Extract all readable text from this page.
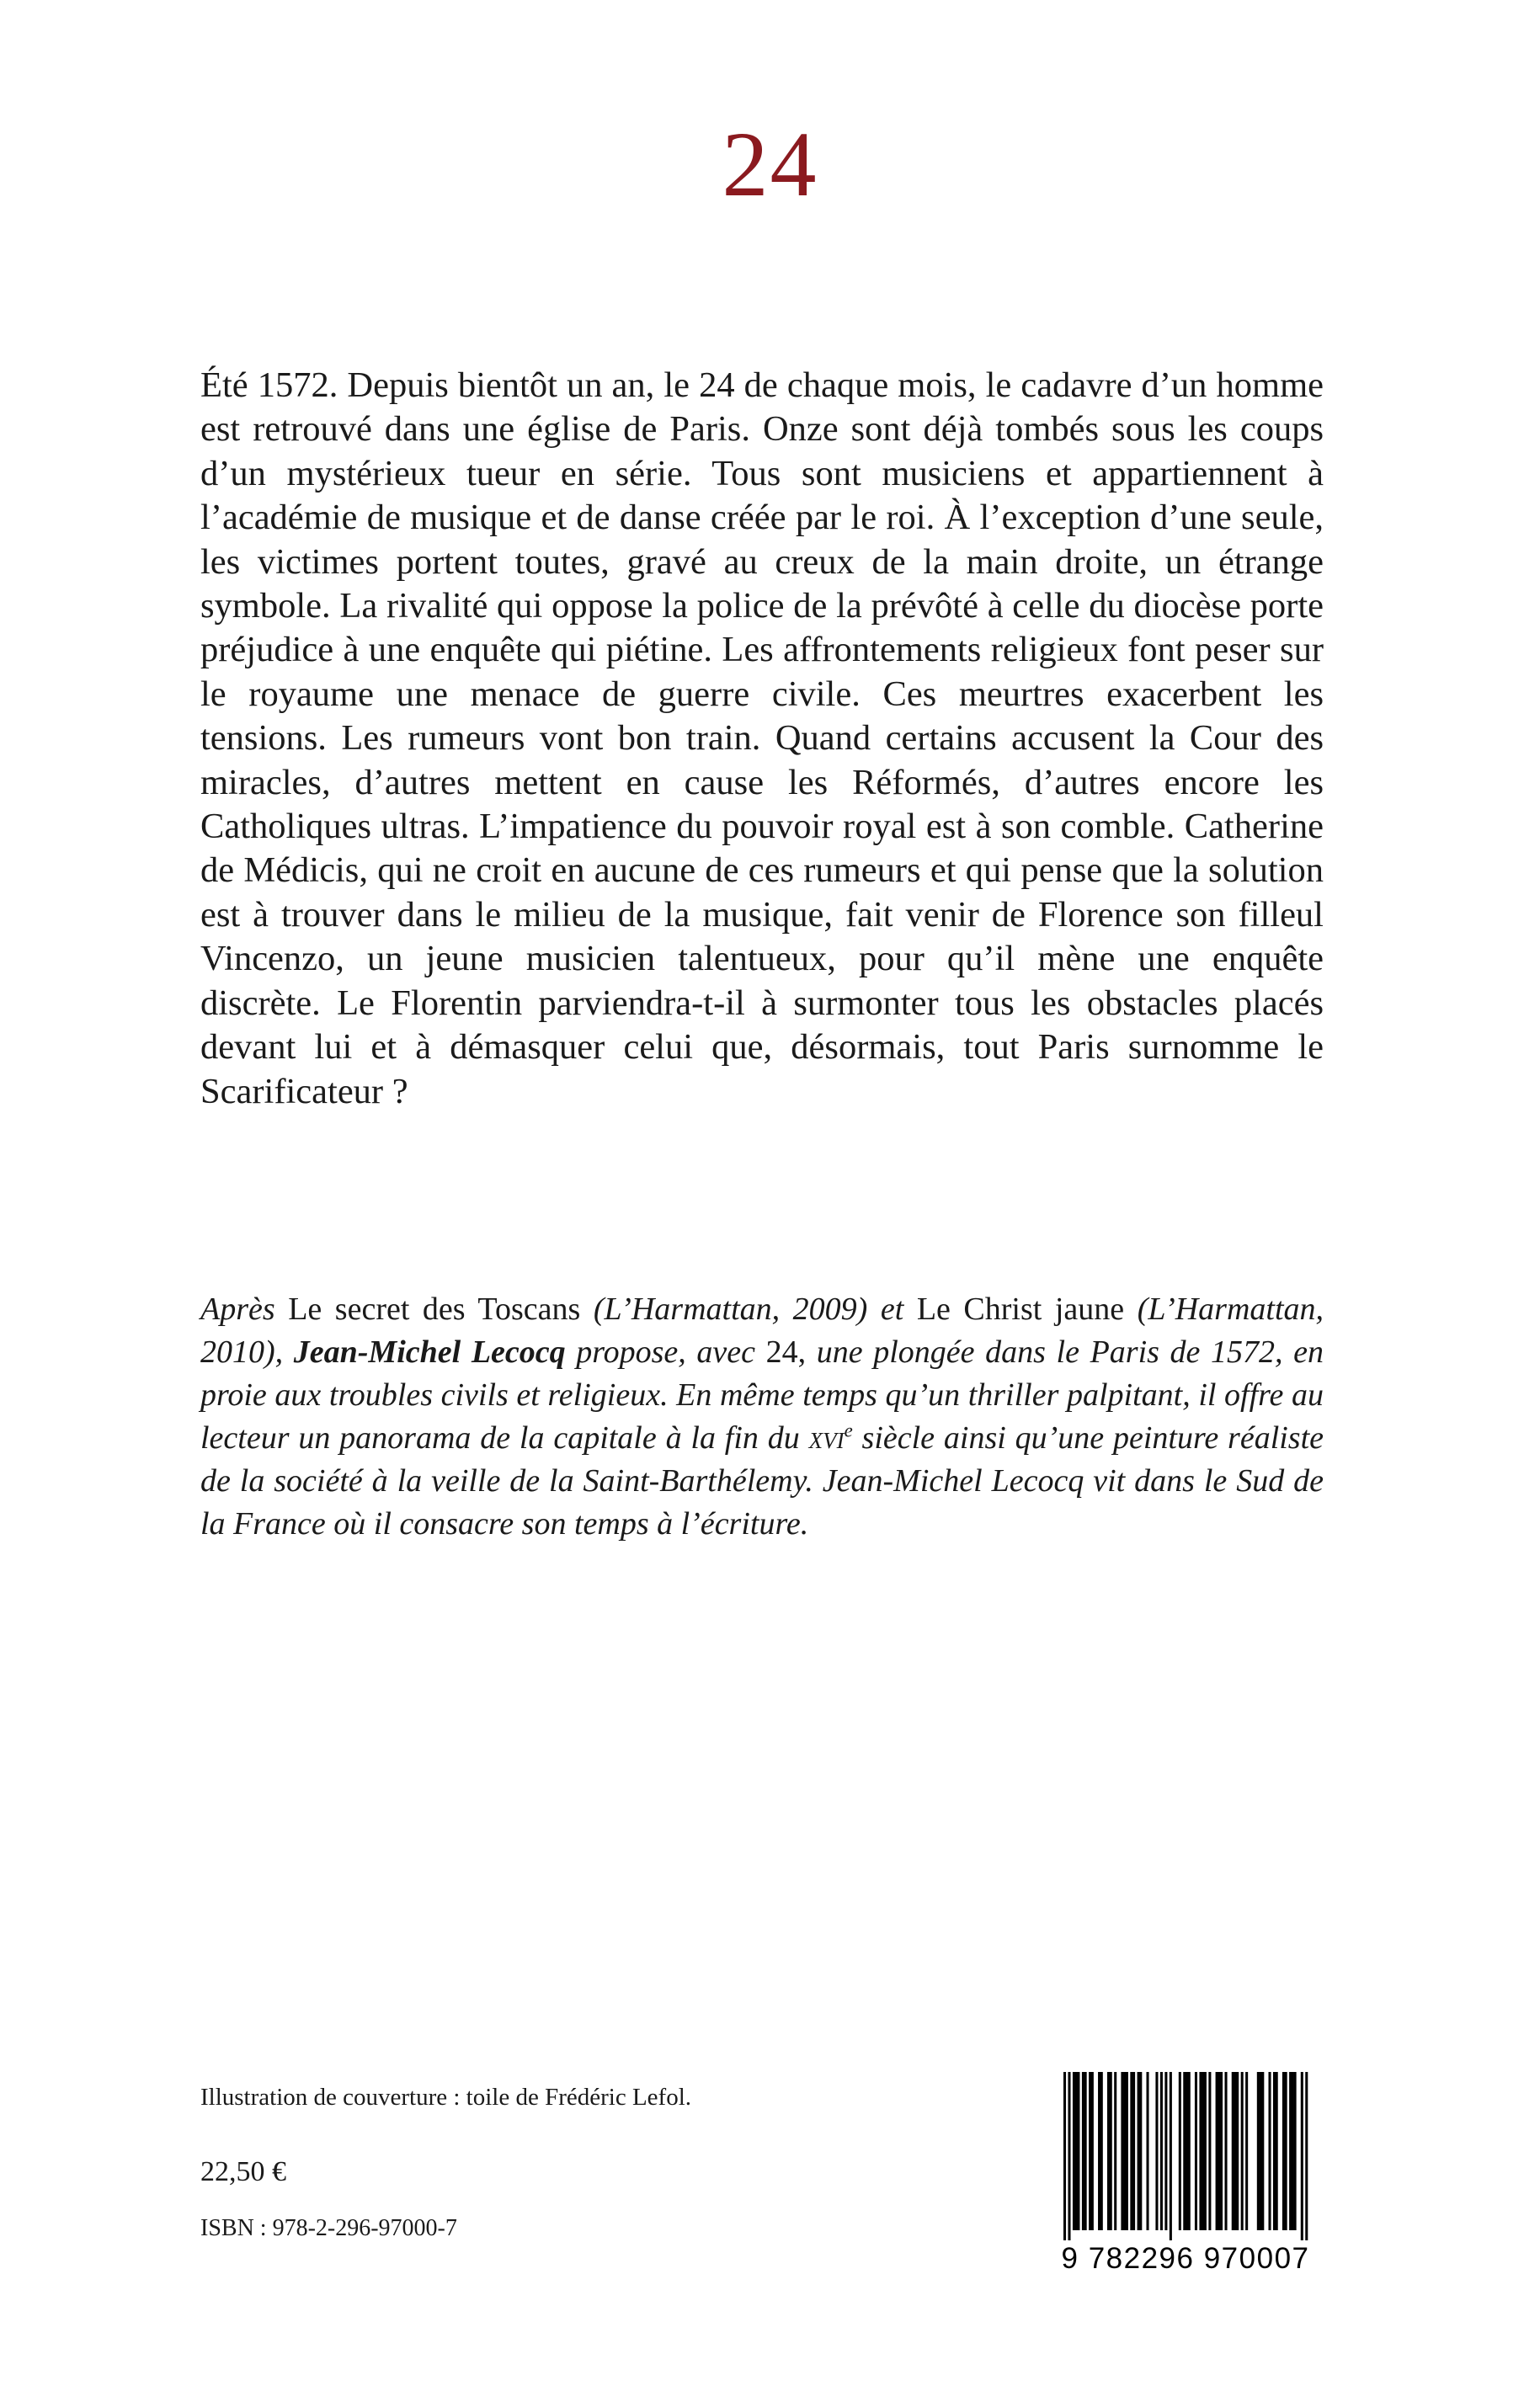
24

Été 1572. Depuis bientôt un an, le 24 de chaque mois, le cadavre d’un homme est retrouvé dans une église de Paris. Onze sont déjà tombés sous les coups d’un mystérieux tueur en série. Tous sont musiciens et appartiennent à l’académie de musique et de danse créée par le roi. À l’exception d’une seule, les victimes portent toutes, gravé au creux de la main droite, un étrange symbole. La rivalité qui oppose la police de la prévôté à celle du diocèse porte préjudice à une enquête qui piétine. Les affrontements religieux font peser sur le royaume une menace de guerre civile. Ces meurtres exacerbent les tensions. Les rumeurs vont bon train. Quand certains accusent la Cour des miracles, d’autres mettent en cause les Réformés, d’autres encore les Catholiques ultras. L’impatience du pouvoir royal est à son comble. Catherine de Médicis, qui ne croit en aucune de ces rumeurs et qui pense que la solution est à trouver dans le milieu de la musique, fait venir de Florence son filleul Vincenzo, un jeune musicien talentueux, pour qu’il mène une enquête discrète. Le Florentin parviendra-t-il à surmonter tous les obstacles placés devant lui et à démasquer celui que, désormais, tout Paris surnomme le Scarificateur ?

Après Le secret des Toscans (L’Harmattan, 2009) et Le Christ jaune (L’Harmattan, 2010), Jean-Michel Lecocq propose, avec 24, une plongée dans le Paris de 1572, en proie aux troubles civils et religieux. En même temps qu’un thriller palpitant, il offre au lecteur un panorama de la capitale à la fin du xvi$^e$ siècle ainsi qu’une peinture réaliste de la société à la veille de la Saint-Barthélemy. Jean-Michel Lecocq vit dans le Sud de la France où il consacre son temps à l’écriture.

Illustration de couverture : toile de Frédéric Lefol.

22,50 €

ISBN : 978-2-296-97000-7

9 782296 970007
